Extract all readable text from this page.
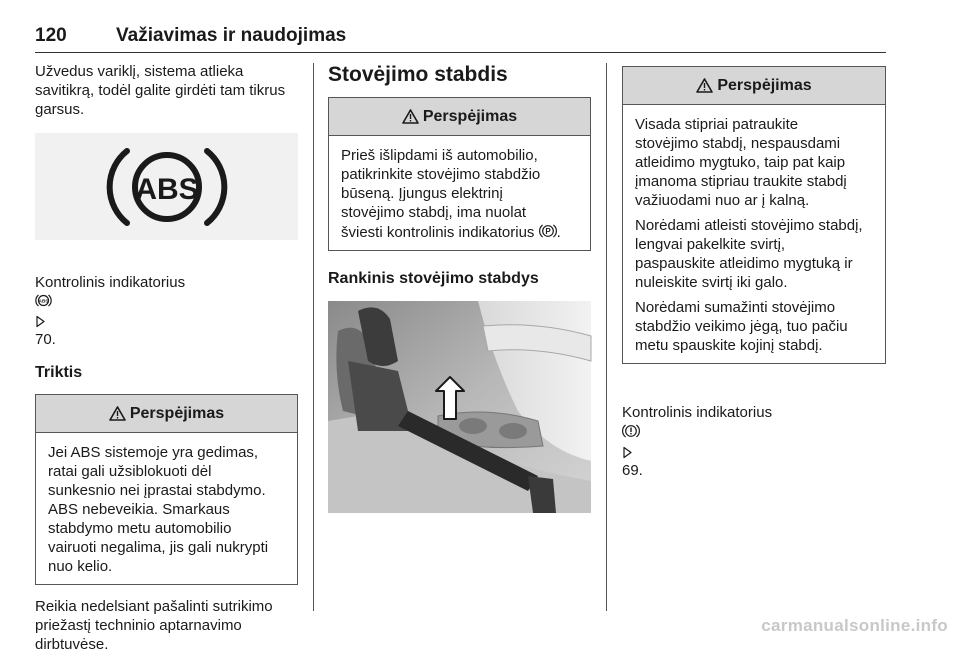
120	Važiavimas ir naudojimas
Užvedus variklį, sistema atlieka
savitikrą, todėl galite girdėti tam tikrus
garsus.
ABS

Kontrolinis indikatorius

ABS

70.

Triktis
Perspėjimas
Jei ABS sistemoje yra gedimas,
ratai gali užsiblokuoti dėl
sunkesnio nei įprastai stabdymo.
ABS nebeveikia. Smarkaus
stabdymo metu automobilio
vairuoti negalima, jis gali nukrypti
nuo kelio.
Reikia nedelsiant pašalinti sutrikimo
priežastį techninio aptarnavimo
dirbtuvėse.
Stovėjimo stabdis
Perspėjimas
Prieš išlipdami iš automobilio,
patikrinkite stovėjimo stabdžio
būseną. Įjungus elektrinį
stovėjimo stabdį, ima nuolat
šviesti kontrolinis indikatorius P .
Rankinis stovėjimo stabdys
Perspėjimas
Visada stipriai patraukite
stovėjimo stabdį, nespausdami
atleidimo mygtuko, taip pat kaip
įmanoma stipriau traukite stabdį
važiuodami nuo ar į kalną.
Norėdami atleisti stovėjimo stabdį,
lengvai pakelkite svirtį,
paspauskite atleidimo mygtuką ir
nuleiskite svirtį iki galo.
Norėdami sumažinti stovėjimo
stabdžio veikimo jėgą, tuo pačiu
metu spauskite kojinį stabdį.

Kontrolinis indikatorius

69.

carmanualsonline.info
